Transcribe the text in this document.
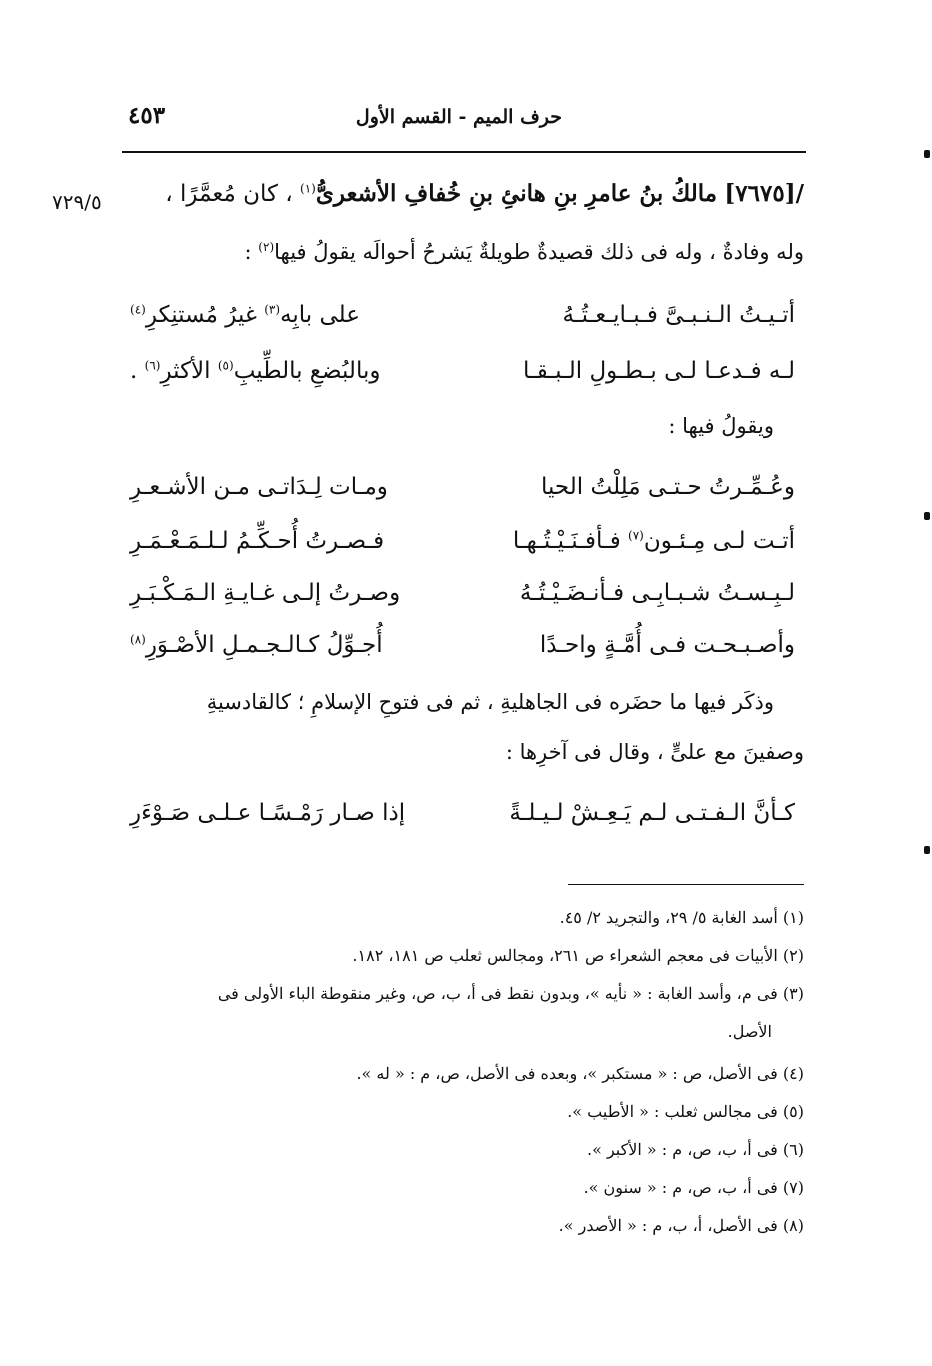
حرف الميم - القسم الأول
٤٥٣
٧٢٩/٥	/[٧٦٧٥] مالكُ بنُ عامرِ بنِ هانئِ بنِ خُفافِ الأشعرىُّ$^{(١)}$ ، كان مُعمَّرًا ،
وله وفادةٌ ، وله فى ذلك قصيدةٌ طويلةٌ يَشرحُ أحوالَه يقولُ فيها$^{(٢)}$ :
أتـيـتُ الـنـبـىَّ فـبـايـعـتُـهُ
على بابِه$^{(٣)}$ غيرُ مُستنِكرِ$^{(٤)}$
لـه فـدعـا لـى بـطـولِ الـبـقـا
وبالبُضعِ بالطِّيبِ$^{(٥)}$ الأكثرِ$^{(٦)}$ .
ويقولُ فيها :
وعُـمِّـرتُ حـتـى مَلِلْتُ الحيا
ومـات لِـدَاتـى مـن الأشـعـرِ
أتـت لـى مِـئـون$^{(٧)}$ فـأفـنَـيْـتُـهـا
فـصـرتُ أُحـكِّـمُ لـلـمَـعْـمَـرِ
لـبِـسـتُ شـبـابِـى فـأنـضَـيْـتُـهُ
وصـرتُ إلـى غـايـةِ الـمَـكْـبَـرِ
وأصـبـحـت فـى أُمَّـةٍ واحـدًا
أُجـوِّلُ كـالـجـمـلِ الأصْـوَرِ$^{(٨)}$
وذكَر فيها ما حضَره فى الجاهليةِ ، ثم فى فتوحِ الإسلامِ ؛ كالقادسيةِ
وصفينَ مع علىٍّ ، وقال فى آخرِها :
كـأنَّ الـفـتـى لـم يَـعِـشْ لـيـلـةً
إذا صـار رَمْـسًـا عـلـى صَـوْءَرِ
(١) أسد الغابة ٥/ ٢٩، والتجريد ٢/ ٤٥.
(٢) الأبيات فى معجم الشعراء ص ٢٦١، ومجالس ثعلب ص ١٨١، ١٨٢.
(٣) فى م، وأسد الغابة : « نأيه »، وبدون نقط فى أ، ب، ص، وغير منقوطة الباء الأولى فى
الأصل.
(٤) فى الأصل، ص : « مستكبر »، وبعده فى الأصل، ص، م : « له ».
(٥) فى مجالس ثعلب : « الأطيب ».
(٦) فى أ، ب، ص، م : « الأكبر ».
(٧) فى أ، ب، ص، م : « سنون ».
(٨) فى الأصل، أ، ب، م : « الأصدر ».
